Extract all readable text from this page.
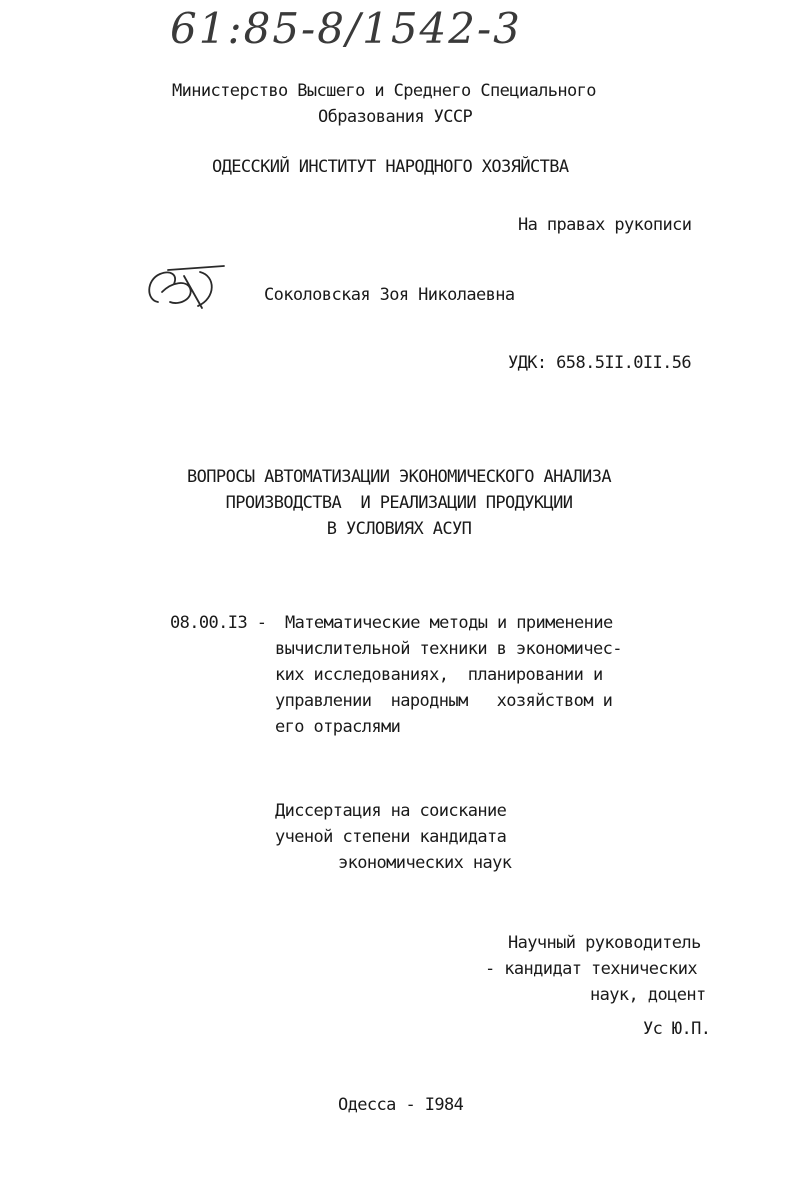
61:85-8/1542-3
Министерство Высшего и Среднего Специального
Образования УССР
ОДЕССКИЙ ИНСТИТУТ НАРОДНОГО ХОЗЯЙСТВА
На правах рукописи
Соколовская Зоя Николаевна
УДК: 658.5II.0II.56
ВОПРОСЫ АВТОМАТИЗАЦИИ ЭКОНОМИЧЕСКОГО АНАЛИЗА
ПРОИЗВОДСТВА  И РЕАЛИЗАЦИИ ПРОДУКЦИИ
В УСЛОВИЯХ АСУП
08.00.I3 - Математические методы и применение
вычислительной техники в экономичес-
ких исследованиях,  планировании и
управлении  народным   хозяйством и
его отраслями
Диссертация на соискание
ученой степени кандидата
экономических наук
Научный руководитель
- кандидат технических
наук, доцент
Ус Ю.П.
Одесса - I984
